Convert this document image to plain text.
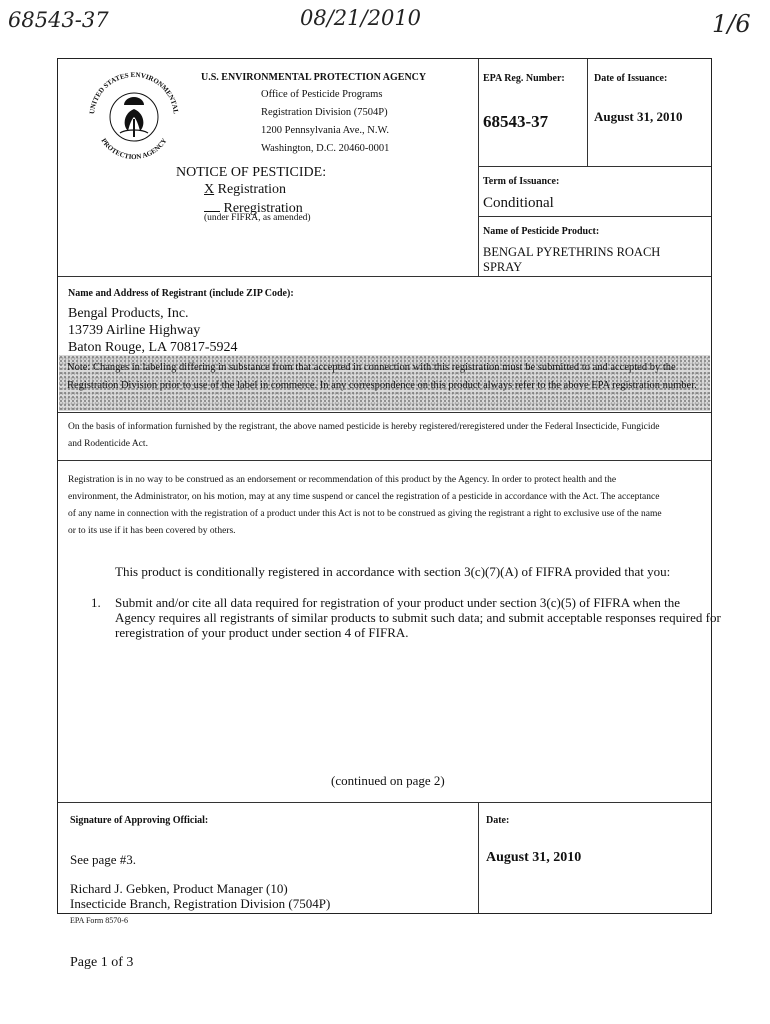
68543-37	08/21/2010	1/6
UNITED STATES ENVIRONMENTAL
PROTECTION AGENCY
U.S. ENVIRONMENTAL PROTECTION AGENCY
Office of Pesticide Programs
Registration Division (7504P)
1200 Pennsylvania Ave., N.W.
Washington, D.C. 20460-0001
NOTICE OF PESTICIDE:
X Registration
Reregistration
(under FIFRA, as amended)
EPA Reg. Number:
68543-37
Date of Issuance:
August 31, 2010
Term of Issuance:
Conditional
Name of Pesticide Product:
BENGAL PYRETHRINS ROACH
SPRAY
Name and Address of Registrant (include ZIP Code):
Bengal Products, Inc.
13739 Airline Highway
Baton Rouge, LA 70817-5924
Note: Changes in labeling differing in substance from that accepted in connection with this registration must be submitted to and accepted by the
Registration Division prior to use of the label in commerce. In any correspondence on this product always refer to the above EPA registration number.
On the basis of information furnished by the registrant, the above named pesticide is hereby registered/reregistered under the Federal Insecticide, Fungicide
and Rodenticide Act.
Registration is in no way to be construed as an endorsement or recommendation of this product by the Agency. In order to protect health and the
environment, the Administrator, on his motion, may at any time suspend or cancel the registration of a pesticide in accordance with the Act. The acceptance
of any name in connection with the registration of a product under this Act is not to be construed as giving the registrant a right to exclusive use of the name
or to its use if it has been covered by others.
This product is conditionally registered in accordance with section 3(c)(7)(A) of FIFRA provided that you:
1. Submit and/or cite all data required for registration of your product under section 3(c)(5) of FIFRA when the
Agency requires all registrants of similar products to submit such data; and submit acceptable responses required for
reregistration of your product under section 4 of FIFRA.
(continued on page 2)
Signature of Approving Official:
See page #3.
Richard J. Gebken, Product Manager (10)
Insecticide Branch, Registration Division (7504P)
Date:
August 31, 2010
EPA Form 8570-6
Page 1 of 3
